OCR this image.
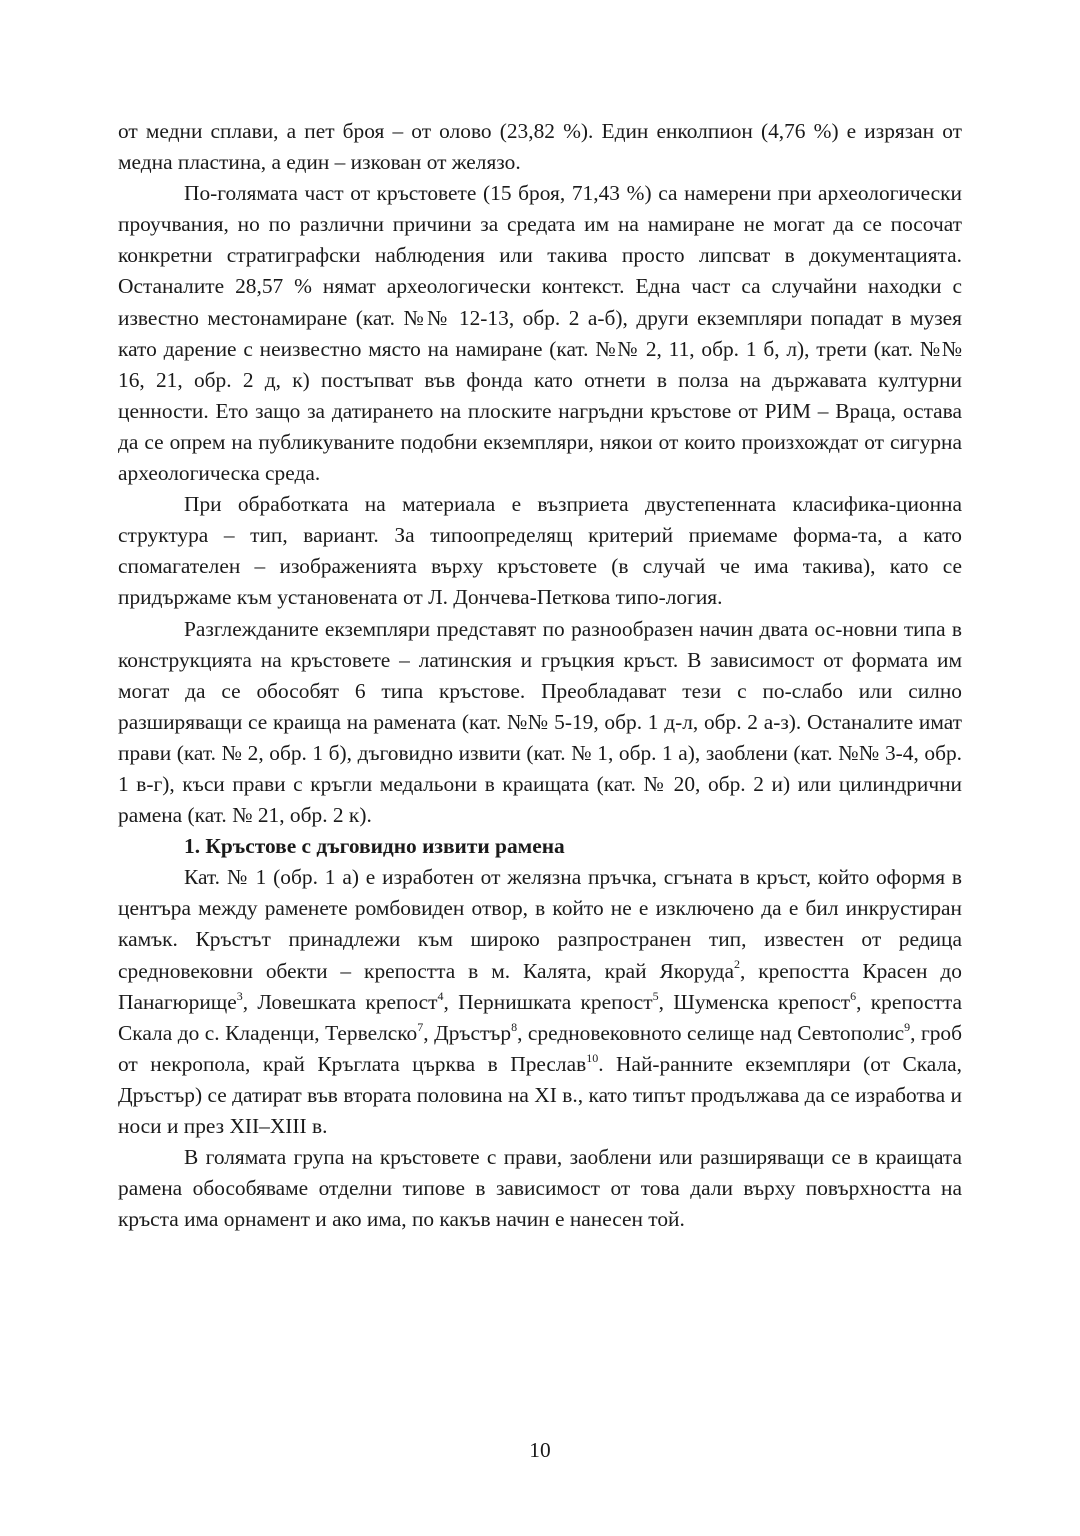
от медни сплави, а пет броя – от олово (23,82 %). Един енколпион (4,76 %) е изрязан от медна пластина, а един – изкован от желязо.

По-голямата част от кръстовете (15 броя, 71,43 %) са намерени при археологически проучвания, но по различни причини за средата им на намиране не могат да се посочат конкретни стратиграфски наблюдения или такива просто липсват в документацията. Останалите 28,57 % нямат археологически контекст. Една част са случайни находки с известно местонамиране (кат. №№ 12-13, обр. 2 а-б), други екземпляри попадат в музея като дарение с неизвестно място на намиране (кат. №№ 2, 11, обр. 1 б, л), трети (кат. №№ 16, 21, обр. 2 д, к) постъпват във фонда като отнети в полза на държавата културни ценности. Ето защо за датирането на плоските нагръдни кръстове от РИМ – Враца, остава да се опрем на публикуваните подобни екземпляри, някои от които произхождат от сигурна археологическа среда.

При обработката на материала е възприета двустепенната класифика-ционна структура – тип, вариант. За типоопределящ критерий приемаме форма-та, а като спомагателен – изображенията върху кръстовете (в случай че има такива), като се придържаме към установената от Л. Дончева-Петкова типо-логия.

Разглежданите екземпляри представят по разнообразен начин двата ос-новни типа в конструкцията на кръстовете – латинския и гръцкия кръст. В зависимост от формата им могат да се обособят 6 типа кръстове. Преобладават тези с по-слабо или силно разширяващи се краища на рамената (кат. №№ 5-19, обр. 1 д-л, обр. 2 а-з). Останалите имат прави (кат. № 2, обр. 1 б), дъговидно извити (кат. № 1, обр. 1 а), заоблени (кат. №№ 3-4, обр. 1 в-г), къси прави с кръгли медальони в краищата (кат. № 20, обр. 2 и) или цилиндрични рамена (кат. № 21, обр. 2 к).

1. Кръстове с дъговидно извити рамена

Кат. № 1 (обр. 1 а) е изработен от желязна пръчка, сгъната в кръст, който оформя в центъра между раменете ромбовиден отвор, в който не е изключено да е бил инкрустиран камък. Кръстът принадлежи към широко разпространен тип, известен от редица средновековни обекти – крепостта в м. Калята, край Якоруда$^2$, крепостта Красен до Панагюрище$^3$, Ловешката крепост$^4$, Пернишката крепост$^5$, Шуменска крепост$^6$, крепостта Скала до с. Кладенци, Тервелско$^7$, Дръстър$^8$, средновековното селище над Севтополис$^9$, гроб от некропола, край Кръглата църква в Преслав$^{10}$. Най-ранните екземпляри (от Скала, Дръстър) се датират във втората половина на XI в., като типът продължава да се изработва и носи и през XII–XIII в.

В голямата група на кръстовете с прави, заоблени или разширяващи се в краищата рамена обособяваме отделни типове в зависимост от това дали върху повърхността на кръста има орнамент и ако има, по какъв начин е нанесен той.

10
